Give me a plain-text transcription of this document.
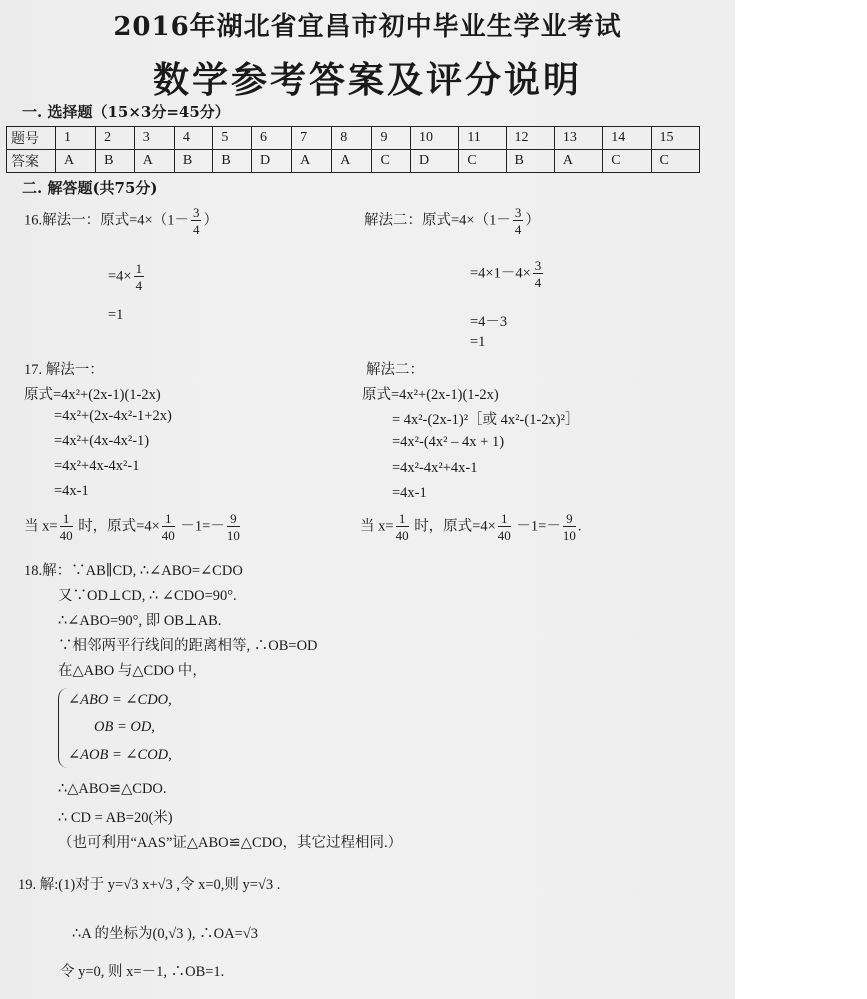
2016年湖北省宜昌市初中毕业生学业考试
数学参考答案及评分说明
一. 选择题（15×3分=45分）
题号	1	2	3	4	5	6	7	8	9	10	11	12	13	14	15
答案	A	B	A	B	B	D	A	A	C	D	C	B	A	C	C
二. 解答题(共75分)
16.解法一：原式$=4\times(1- \frac{3}{4}$ ）
$=4\times \frac{1}{4}$
=1
解法二：原式$=4\times(1- \frac{3}{4}$ ）
$=4\times 1-4\times \frac{3}{4}$
=4－3
=1
17. 解法一：
原式=4x²+(2x-1)(1-2x)
=4x²+(2x-4x²-1+2x)
=4x²+(4x-4x²-1)
=4x²+4x-4x²-1
=4x-1
解法二：
原式=4x²+(2x-1)(1-2x)
= 4x²-(2x-1)²［或 4x²-(1-2x)²］
=4x²-(4x² – 4x + 1)
=4x²-4x²+4x-1
=4x-1
当 $x= \frac{1}{40}$ 时，原式$=4\times \frac{1}{40} -1=- \frac{9}{10}$	当 $x= \frac{1}{40}$ 时，原式$=4\times \frac{1}{40} -1=- \frac{9}{10}$ .
18.解：∵AB∥CD, ∴∠ABO=∠CDO
又∵OD⊥CD, ∴ ∠CDO=90°.
∴∠ABO=90°, 即 OB⊥AB.
∵相邻两平行线间的距离相等, ∴OB=OD
在△ABO 与△CDO 中，
∠ABO = ∠CDO,
OB = OD,
∠AOB = ∠COD,
∴△ABO≌△CDO.
∴ CD = AB=20(米)
（也可利用“AAS”证△ABO≌△CDO，其它过程相同.）
19. 解:(1)对于 y=√3 x+√3 ,令 x=0,则 y=√3 .
∴A 的坐标为(0,√3 ), ∴OA=√3
令 y=0, 则 x=－1, ∴OB=1.
